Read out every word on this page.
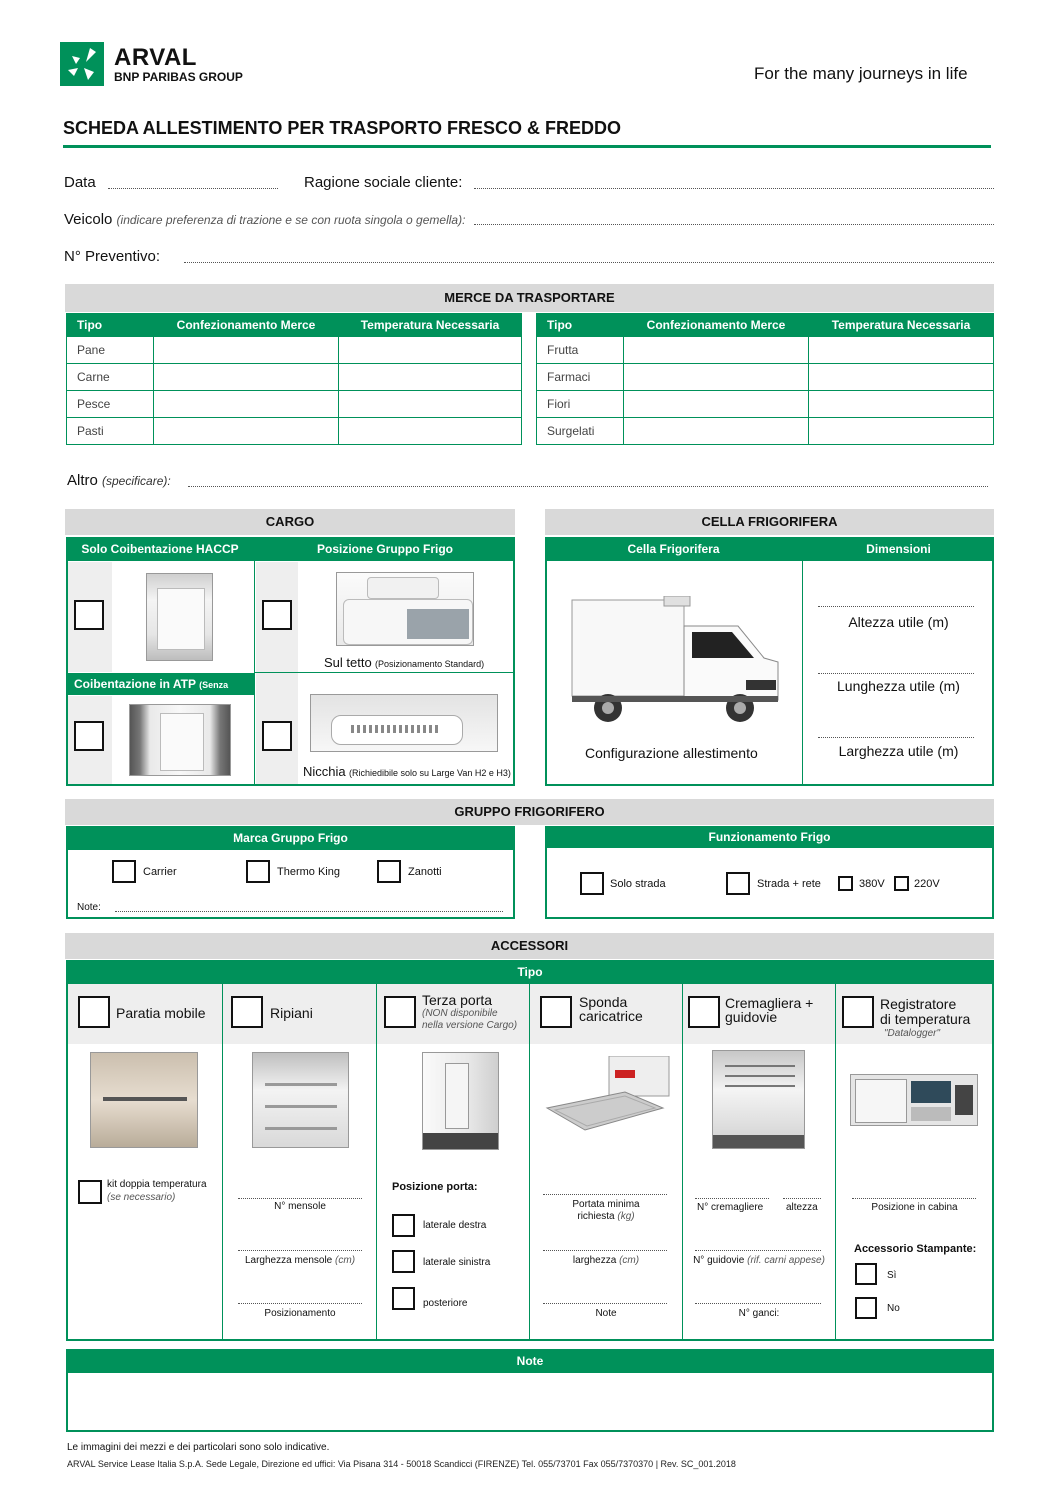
ARVAL
BNP PARIBAS GROUP	For the many journeys in life
SCHEDA ALLESTIMENTO PER TRASPORTO FRESCO & FREDDO
Data	Ragione sociale cliente:
Veicolo (indicare preferenza di trazione e se con ruota singola o gemella):
N° Preventivo:
MERCE DA TRASPORTARE
Tipo	Confezionamento Merce	Temperatura Necessaria
Pane		
Carne		
Pesce		
Pasti		
Tipo	Confezionamento Merce	Temperatura Necessaria
Frutta		
Farmaci		
Fiori		
Surgelati		
Altro (specificare):
CARGO
Solo Coibentazione HACCP	Posizione Gruppo Frigo
Sul tetto (Posizionamento Standard)
Coibentazione in ATP (Senza
Nicchia (Richiedibile solo su Large Van H2 e H3)
CELLA FRIGORIFERA
Cella Frigorifera	Dimensioni
Configurazione allestimento
Altezza utile (m)
Lunghezza utile (m)
Larghezza utile (m)
GRUPPO FRIGORIFERO
Marca Gruppo Frigo
Carrier	Thermo King	Zanotti
Note:
Funzionamento Frigo
Solo strada	Strada + rete	380V	220V
ACCESSORI
Tipo
Paratia mobile
kit doppia temperatura
(se necessario)
Ripiani
N° mensole
Larghezza mensole (cm)
Posizionamento
Terza porta
(NON disponibile
nella versione Cargo)
Posizione porta:
laterale destra
laterale sinistra
posteriore
Sponda
caricatrice
Portata minima
richiesta (kg)
larghezza (cm)
Note
Cremagliera +
guidovie
N° cremagliere altezza
N° guidovie (rif. carni appese)
N° ganci:
Registratore
di temperatura
"Datalogger"
Posizione in cabina
Accessorio Stampante:
Sì
No
Note
Le immagini dei mezzi e dei particolari sono solo indicative.
ARVAL Service Lease Italia S.p.A. Sede Legale, Direzione ed uffici: Via Pisana 314 - 50018 Scandicci (FIRENZE) Tel. 055/73701 Fax 055/7370370 | Rev. SC_001.2018
